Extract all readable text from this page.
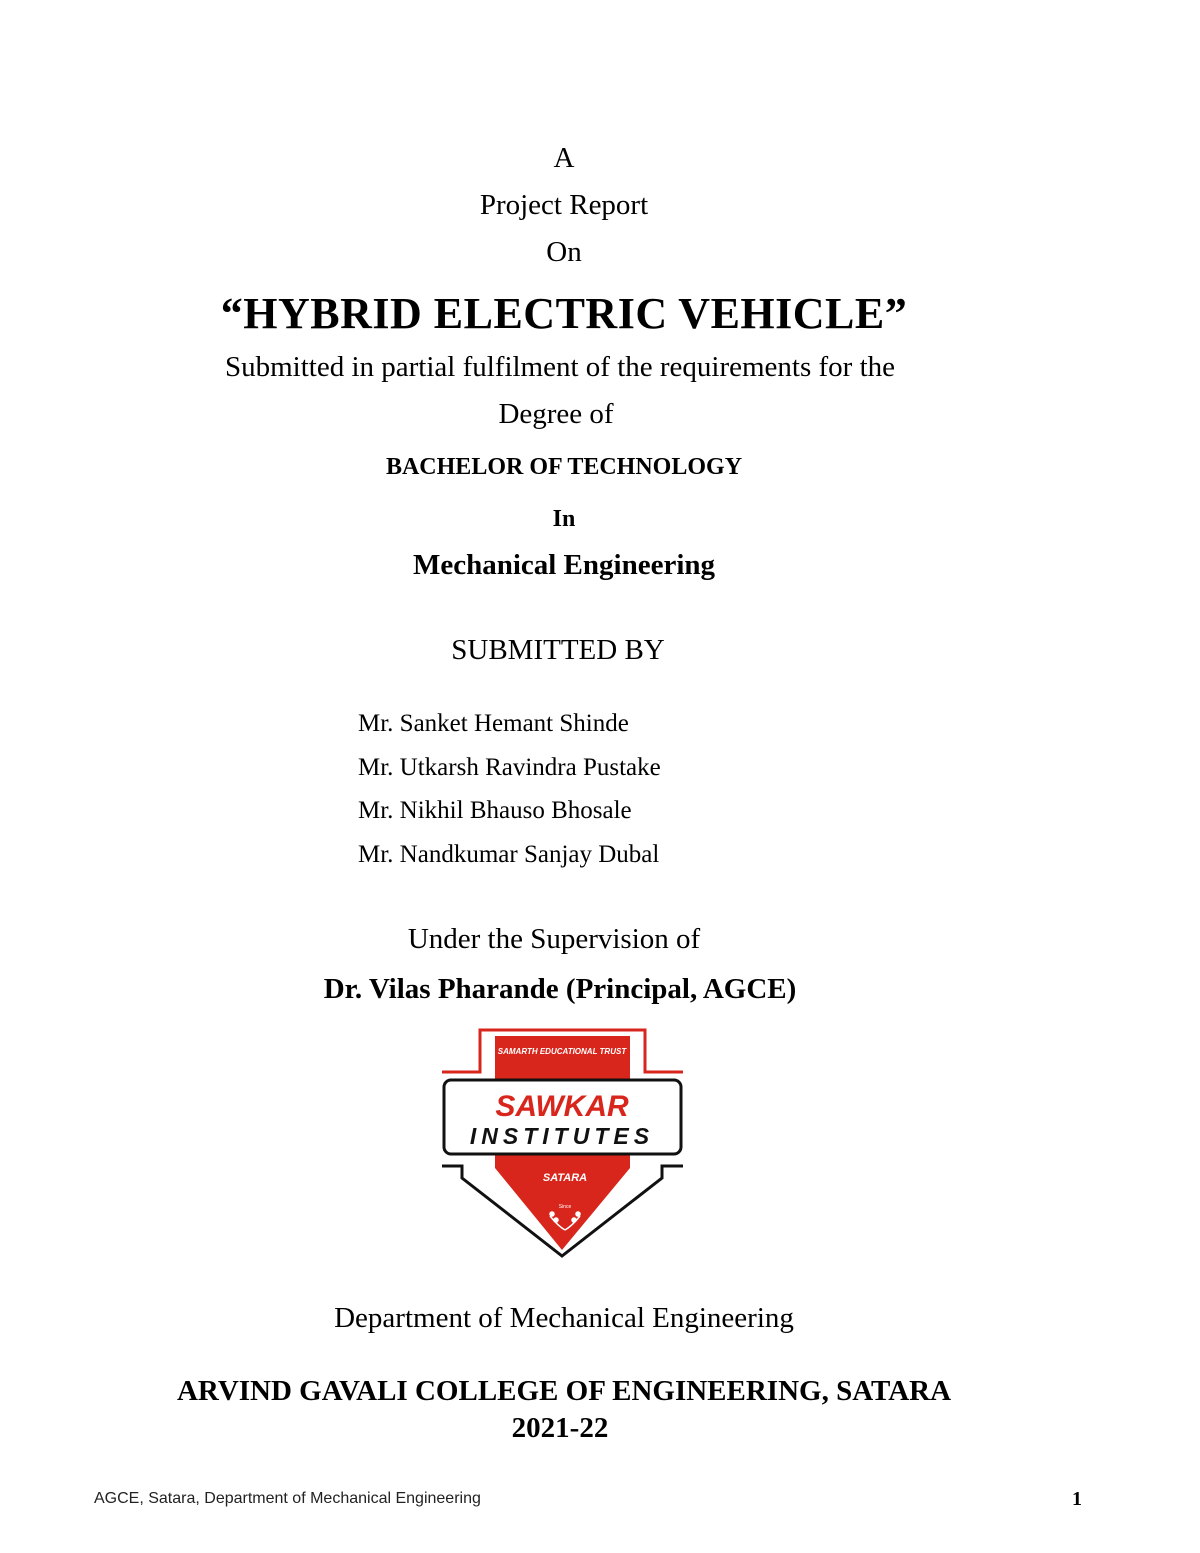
A
Project Report
On
“HYBRID ELECTRIC VEHICLE”
Submitted in partial fulfilment of the requirements for the
Degree of
BACHELOR OF TECHNOLOGY
In
Mechanical Engineering
SUBMITTED BY
Mr. Sanket Hemant Shinde
Mr. Utkarsh Ravindra Pustake
Mr. Nikhil Bhauso Bhosale
Mr. Nandkumar Sanjay Dubal
Under the Supervision of
Dr. Vilas Pharande (Principal, AGCE)
SAMARTH EDUCATIONAL TRUST
SAWKAR
INSTITUTES
SATARA
Since
Department of Mechanical Engineering
ARVIND GAVALI COLLEGE OF ENGINEERING, SATARA
2021-22
AGCE, Satara, Department of Mechanical Engineering	1
